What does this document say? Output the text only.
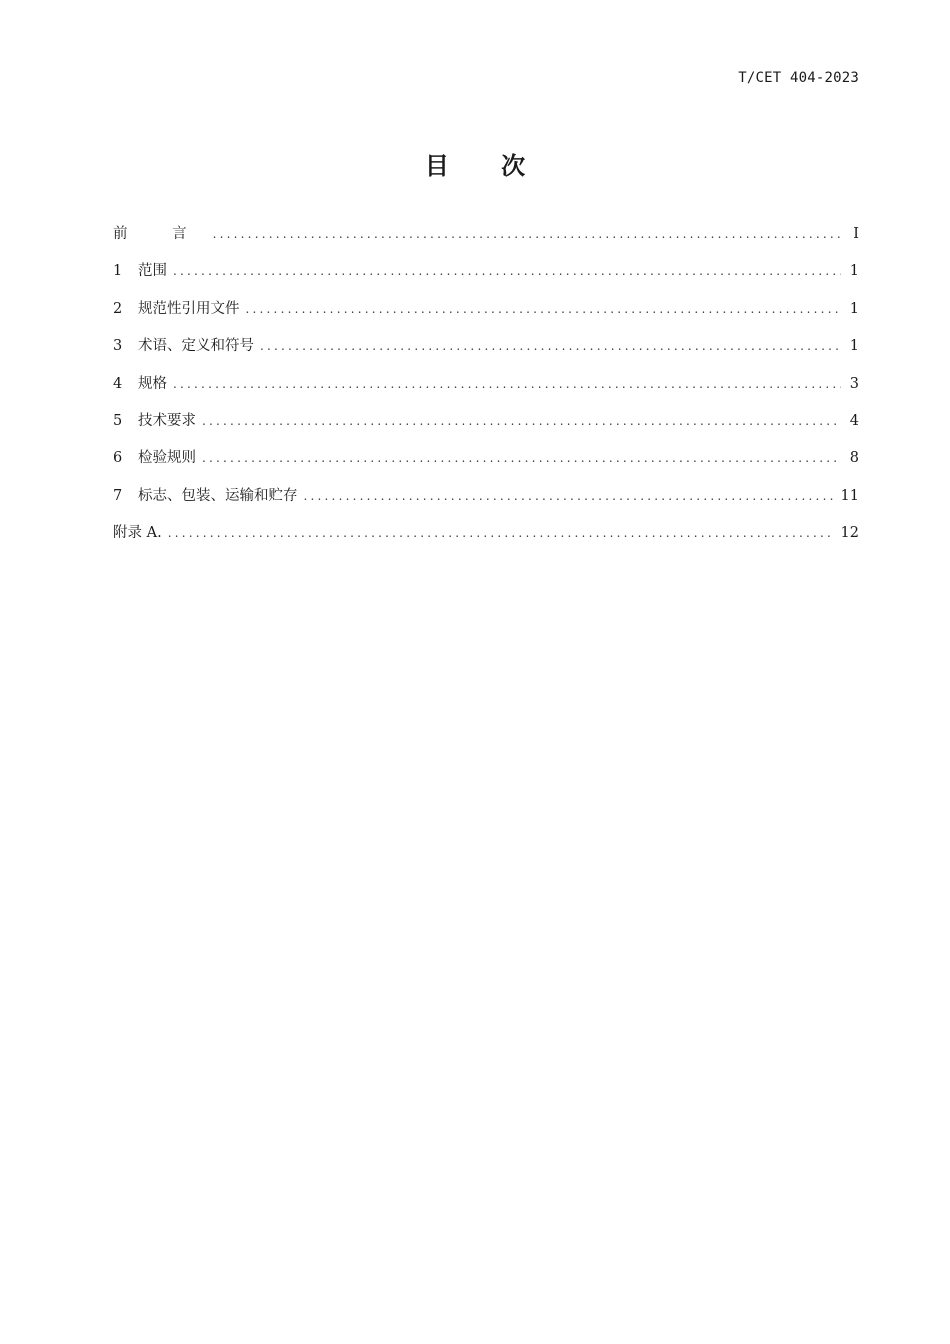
T/CET 404-2023
目 次
前 言 .....	I
1 范围 .....	1
2 规范性引用文件 .....	1
3 术语、定义和符号 .....	1
4 规格 .....	3
5 技术要求 .....	4
6 检验规则 .....	8
7 标志、包装、运输和贮存 .....	11
附录 A. .....	12
